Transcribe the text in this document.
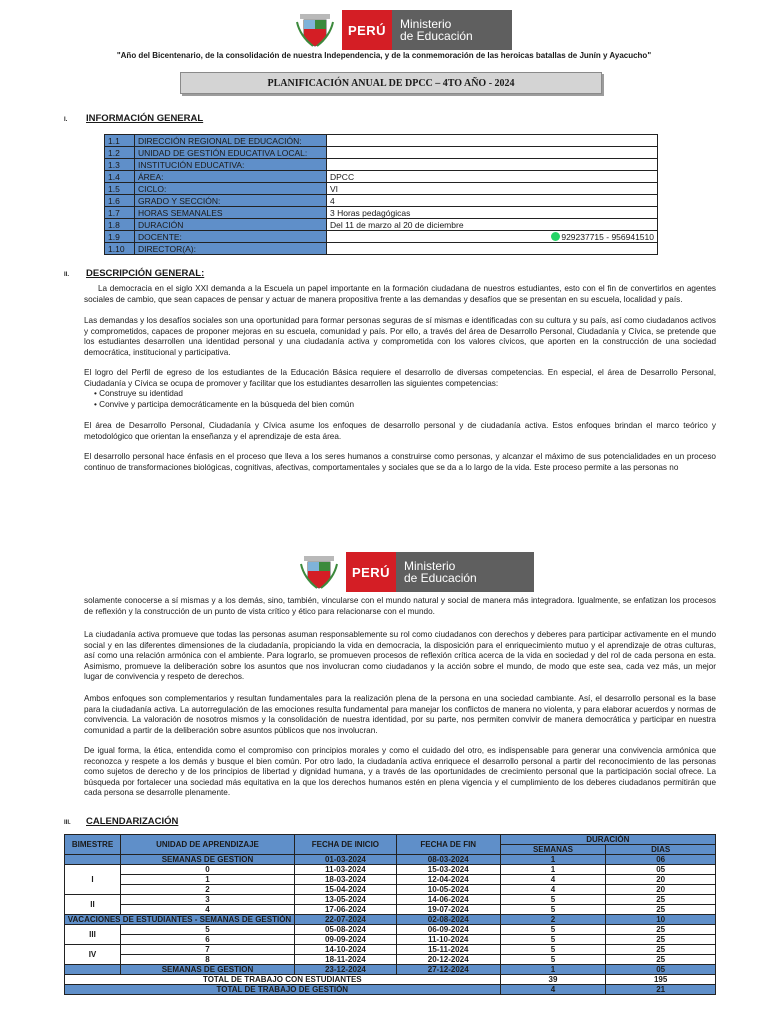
PERÚ	Ministerio
de Educación
"Año del Bicentenario, de la consolidación de nuestra Independencia, y de la conmemoración de las heroicas batallas de Junín y Ayacucho"
PLANIFICACIÓN ANUAL DE DPCC – 4TO AÑO - 2024
I.	INFORMACIÓN GENERAL
1.1	DIRECCIÓN REGIONAL DE EDUCACIÓN:	
1.2	UNIDAD DE GESTIÓN EDUCATIVA LOCAL:	
1.3	INSTITUCIÓN EDUCATIVA:	
1.4	ÁREA:	DPCC
1.5	CICLO:	VI
1.6	GRADO Y SECCIÓN:	4
1.7	HORAS SEMANALES	3 Horas pedagógicas
1.8	DURACIÓN	Del 11 de marzo al 20 de diciembre
1.9	DOCENTE:	929237715 - 956941510
1.10	DIRECTOR(A):	
II.	DESCRIPCIÓN GENERAL:
La democracia en el siglo XXI demanda a la Escuela un papel importante en la formación ciudadana de nuestros estudiantes, esto con el fin de convertirlos en agentes sociales de cambio, que sean capaces de pensar y actuar de manera propositiva frente a las demandas y desafíos que se presentan en su escuela, localidad y país.
Las demandas y los desafíos sociales son una oportunidad para formar personas seguras de sí mismas e identificadas con su cultura y su país, así como ciudadanos activos y comprometidos, capaces de proponer mejoras en su escuela, comunidad y país. Por ello, a través del área de Desarrollo Personal, Ciudadanía y Cívica, se pretende que los estudiantes desarrollen una identidad personal y una ciudadanía activa y comprometida con los valores cívicos, que aporten en la construcción de una sociedad democrática, institucional y participativa.
El logro del Perfil de egreso de los estudiantes de la Educación Básica requiere el desarrollo de diversas competencias. En especial, el área de Desarrollo Personal, Ciudadanía y Cívica se ocupa de promover y facilitar que los estudiantes desarrollen las siguientes competencias:
• Construye su identidad
• Convive y participa democráticamente en la búsqueda del bien común
El área de Desarrollo Personal, Ciudadanía y Cívica asume los enfoques de desarrollo personal y de ciudadanía activa. Estos enfoques brindan el marco teórico y metodológico que orientan la enseñanza y el aprendizaje de esta área.
El desarrollo personal hace énfasis en el proceso que lleva a los seres humanos a construirse como personas, y alcanzar el máximo de sus potencialidades en un proceso continuo de transformaciones biológicas, cognitivas, afectivas, comportamentales y sociales que se da a lo largo de la vida. Este proceso permite a las personas no
PERÚ	Ministerio
de Educación
solamente conocerse a sí mismas y a los demás, sino, también, vincularse con el mundo natural y social de manera más integradora. Igualmente, se enfatizan los procesos de reflexión y la construcción de un punto de vista crítico y ético para relacionarse con el mundo.
La ciudadanía activa promueve que todas las personas asuman responsablemente su rol como ciudadanos con derechos y deberes para participar activamente en el mundo social y en las diferentes dimensiones de la ciudadanía, propiciando la vida en democracia, la disposición para el enriquecimiento mutuo y el aprendizaje de otras culturas, así como una relación armónica con el ambiente. Para lograrlo, se promueven procesos de reflexión crítica acerca de la vida en sociedad y del rol de cada persona en esta. Asimismo, promueve la deliberación sobre los asuntos que nos involucran como ciudadanos y la acción sobre el mundo, de modo que este sea, cada vez más, un mejor lugar de convivencia y respeto de derechos.
Ambos enfoques son complementarios y resultan fundamentales para la realización plena de la persona en una sociedad cambiante. Así, el desarrollo personal es la base para la ciudadanía activa. La autorregulación de las emociones resulta fundamental para manejar los conflictos de manera no violenta, y para elaborar acuerdos y normas de convivencia. La valoración de nosotros mismos y la consolidación de nuestra identidad, por su parte, nos permiten convivir de manera democrática y participar en nuestra comunidad a partir de la deliberación sobre asuntos públicos que nos involucran.
De igual forma, la ética, entendida como el compromiso con principios morales y como el cuidado del otro, es indispensable para generar una convivencia armónica que reconozca y respete a los demás y busque el bien común. Por otro lado, la ciudadanía activa enriquece el desarrollo personal a partir del reconocimiento de las personas como sujetos de derecho y de los principios de libertad y dignidad humana, y a través de las oportunidades de crecimiento personal que la participación social ofrece. La búsqueda por fortalecer una sociedad más equitativa en la que los derechos humanos estén en plena vigencia y el cumplimiento de los deberes ciudadanos permitirán que cada persona se desarrolle plenamente.
III.	CALENDARIZACIÓN
BIMESTRE	UNIDAD DE APRENDIZAJE	FECHA DE INICIO	FECHA DE FIN	DURACIÓN	
				SEMANAS	DIAS
	SEMANAS DE GESTION	01-03-2024	08-03-2024	1	06
I	0	11-03-2024	15-03-2024	1	05
	1	18-03-2024	12-04-2024	4	20
	2	15-04-2024	10-05-2024	4	20
II	3	13-05-2024	14-06-2024	5	25
	4	17-06-2024	19-07-2024	5	25
VACACIONES DE ESTUDIANTES - SEMANAS DE GESTIÓN		22-07-2024	02-08-2024	2	10
III	5	05-08-2024	06-09-2024	5	25
	6	09-09-2024	11-10-2024	5	25
IV	7	14-10-2024	15-11-2024	5	25
	8	18-11-2024	20-12-2024	5	25
	SEMANAS DE GESTION	23-12-2024	27-12-2024	1	05
TOTAL DE TRABAJO CON ESTUDIANTES				39	195
TOTAL DE TRABAJO DE GESTIÓN				4	21
